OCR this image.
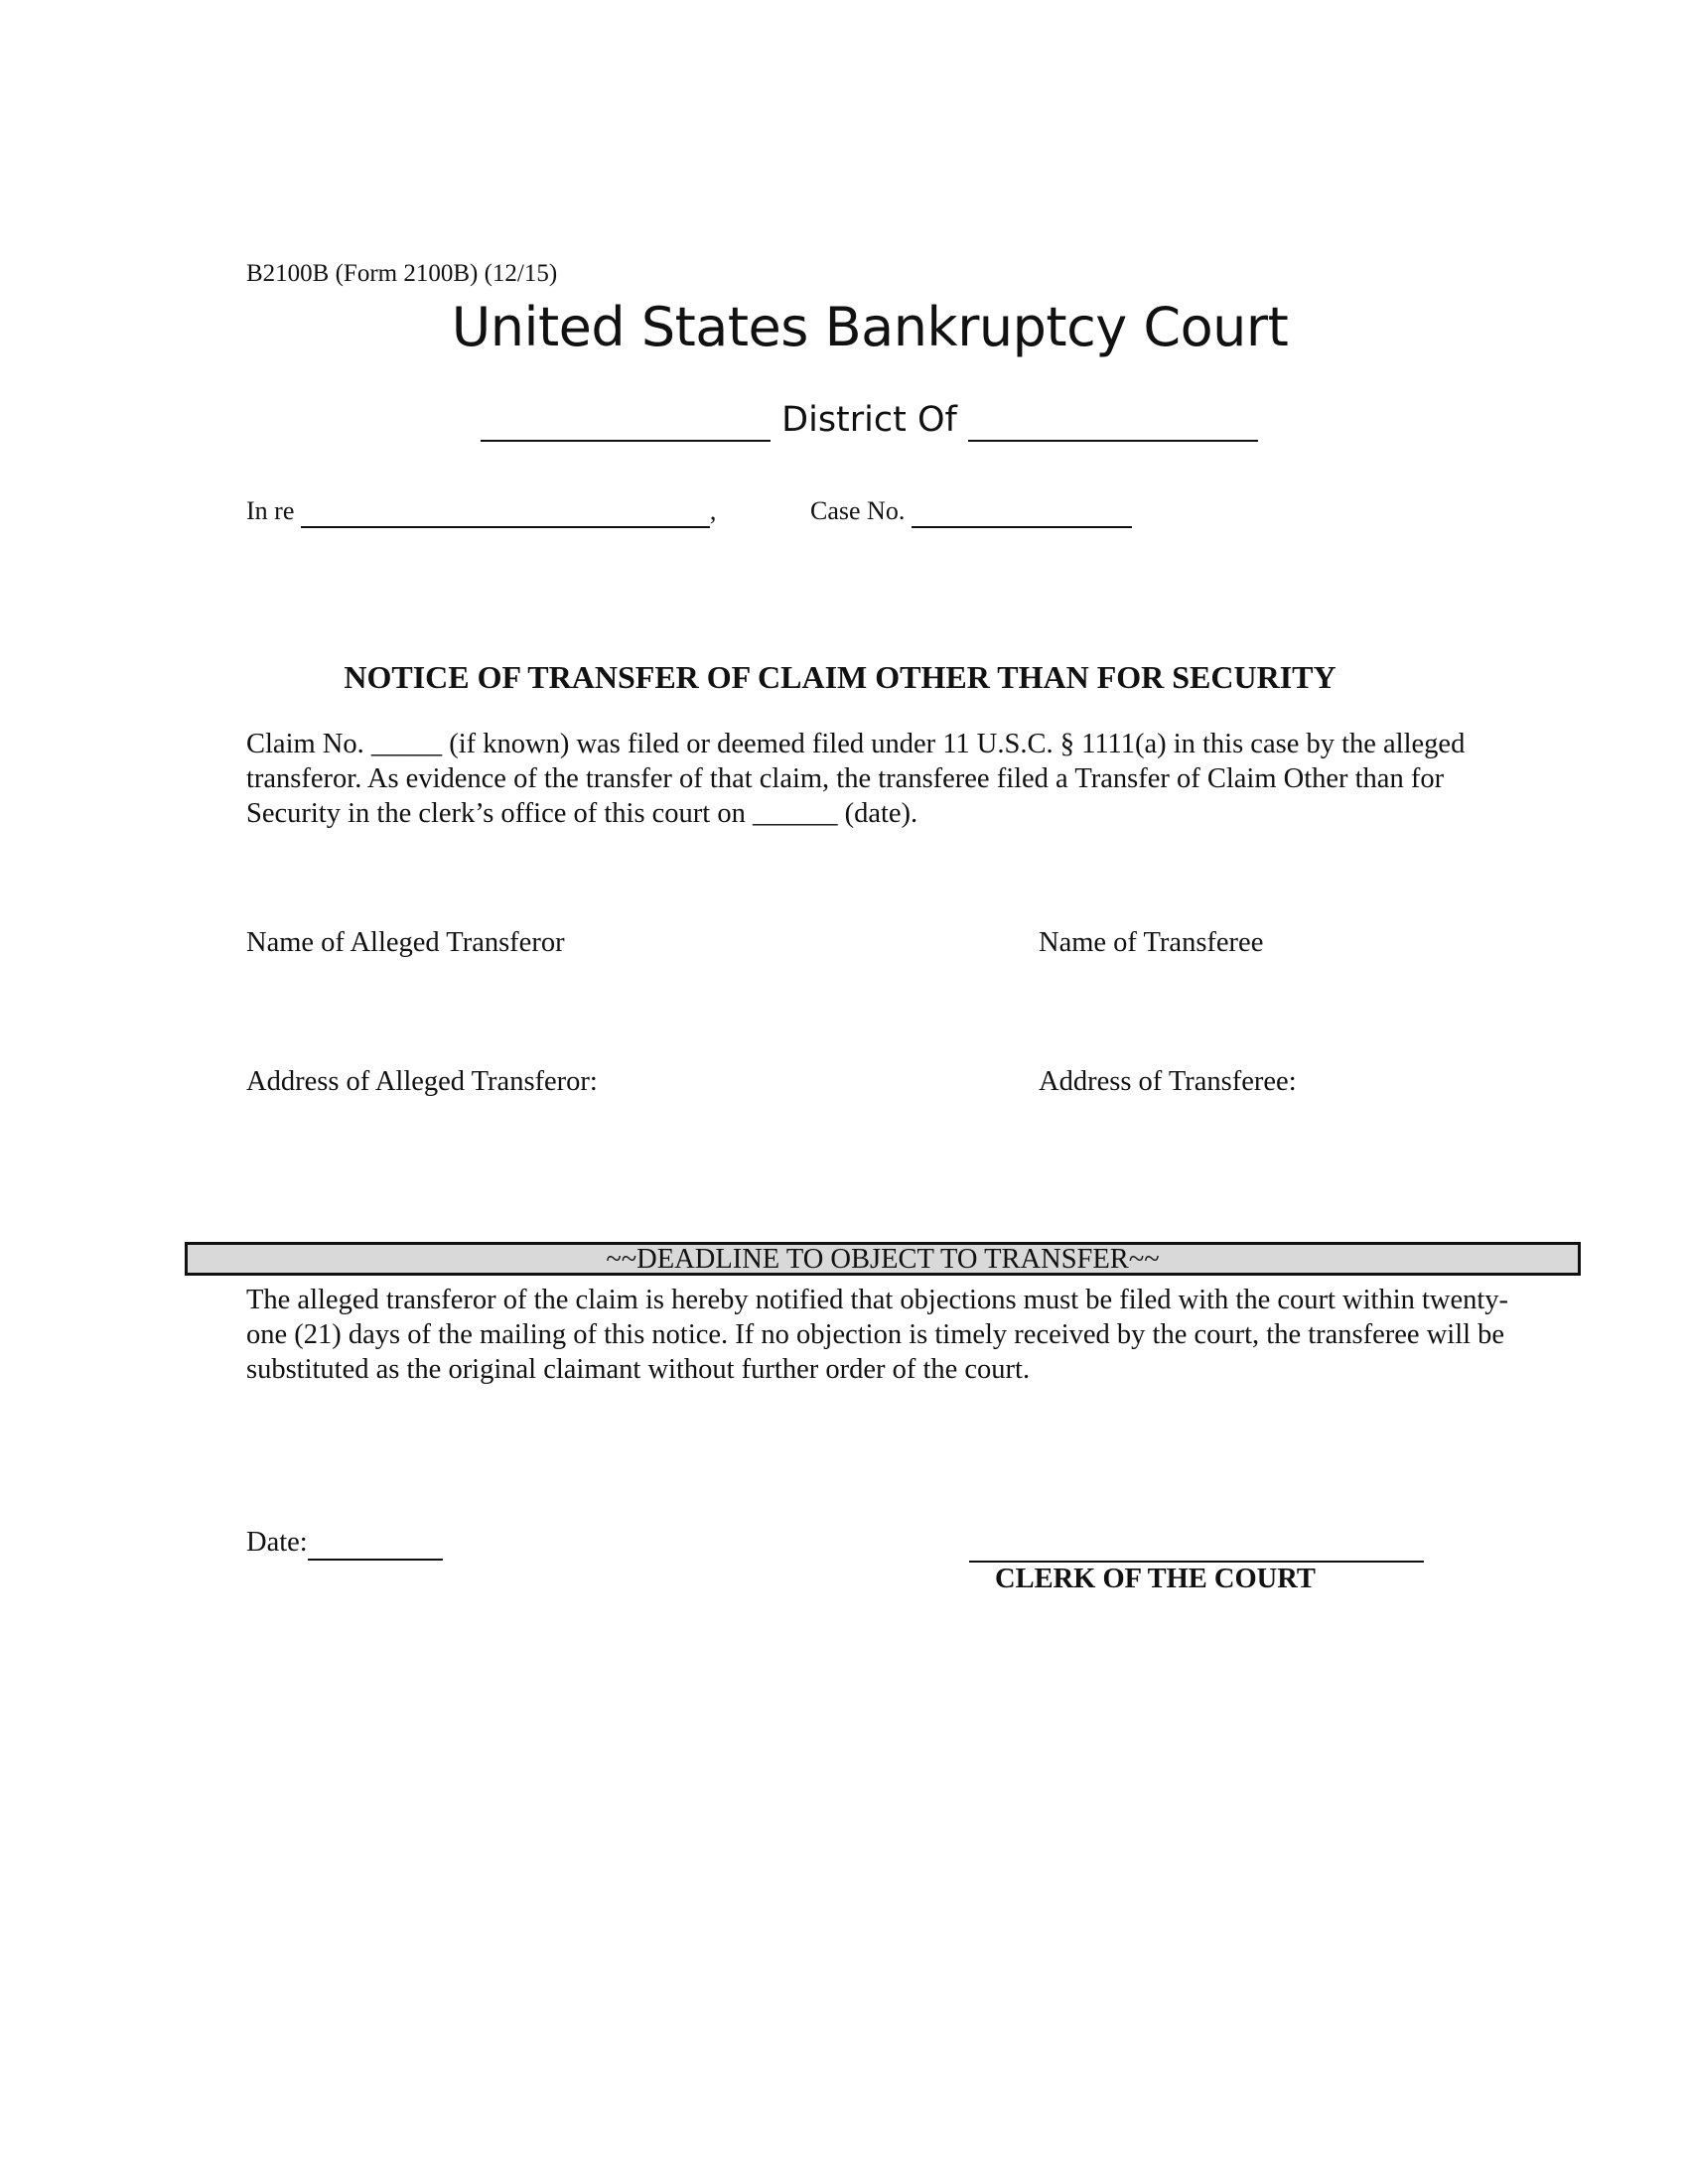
B2100B (Form 2100B) (12/15)
United States Bankruptcy Court
District Of
In re	,	Case No.
NOTICE OF TRANSFER OF CLAIM OTHER THAN FOR SECURITY
Claim No. _____ (if known) was filed or deemed filed under 11 U.S.C. § 1111(a) in this case by the alleged transferor. As evidence of the transfer of that claim, the transferee filed a Transfer of Claim Other than for Security in the clerk’s office of this court on ______ (date).
Name of Alleged Transferor	Name of Transferee
Address of Alleged Transferor:	Address of Transferee:
~~DEADLINE TO OBJECT TO TRANSFER~~
The alleged transferor of the claim is hereby notified that objections must be filed with the court within twenty-one (21) days of the mailing of this notice. If no objection is timely received by the court, the transferee will be substituted as the original claimant without further order of the court.
Date:
CLERK OF THE COURT
